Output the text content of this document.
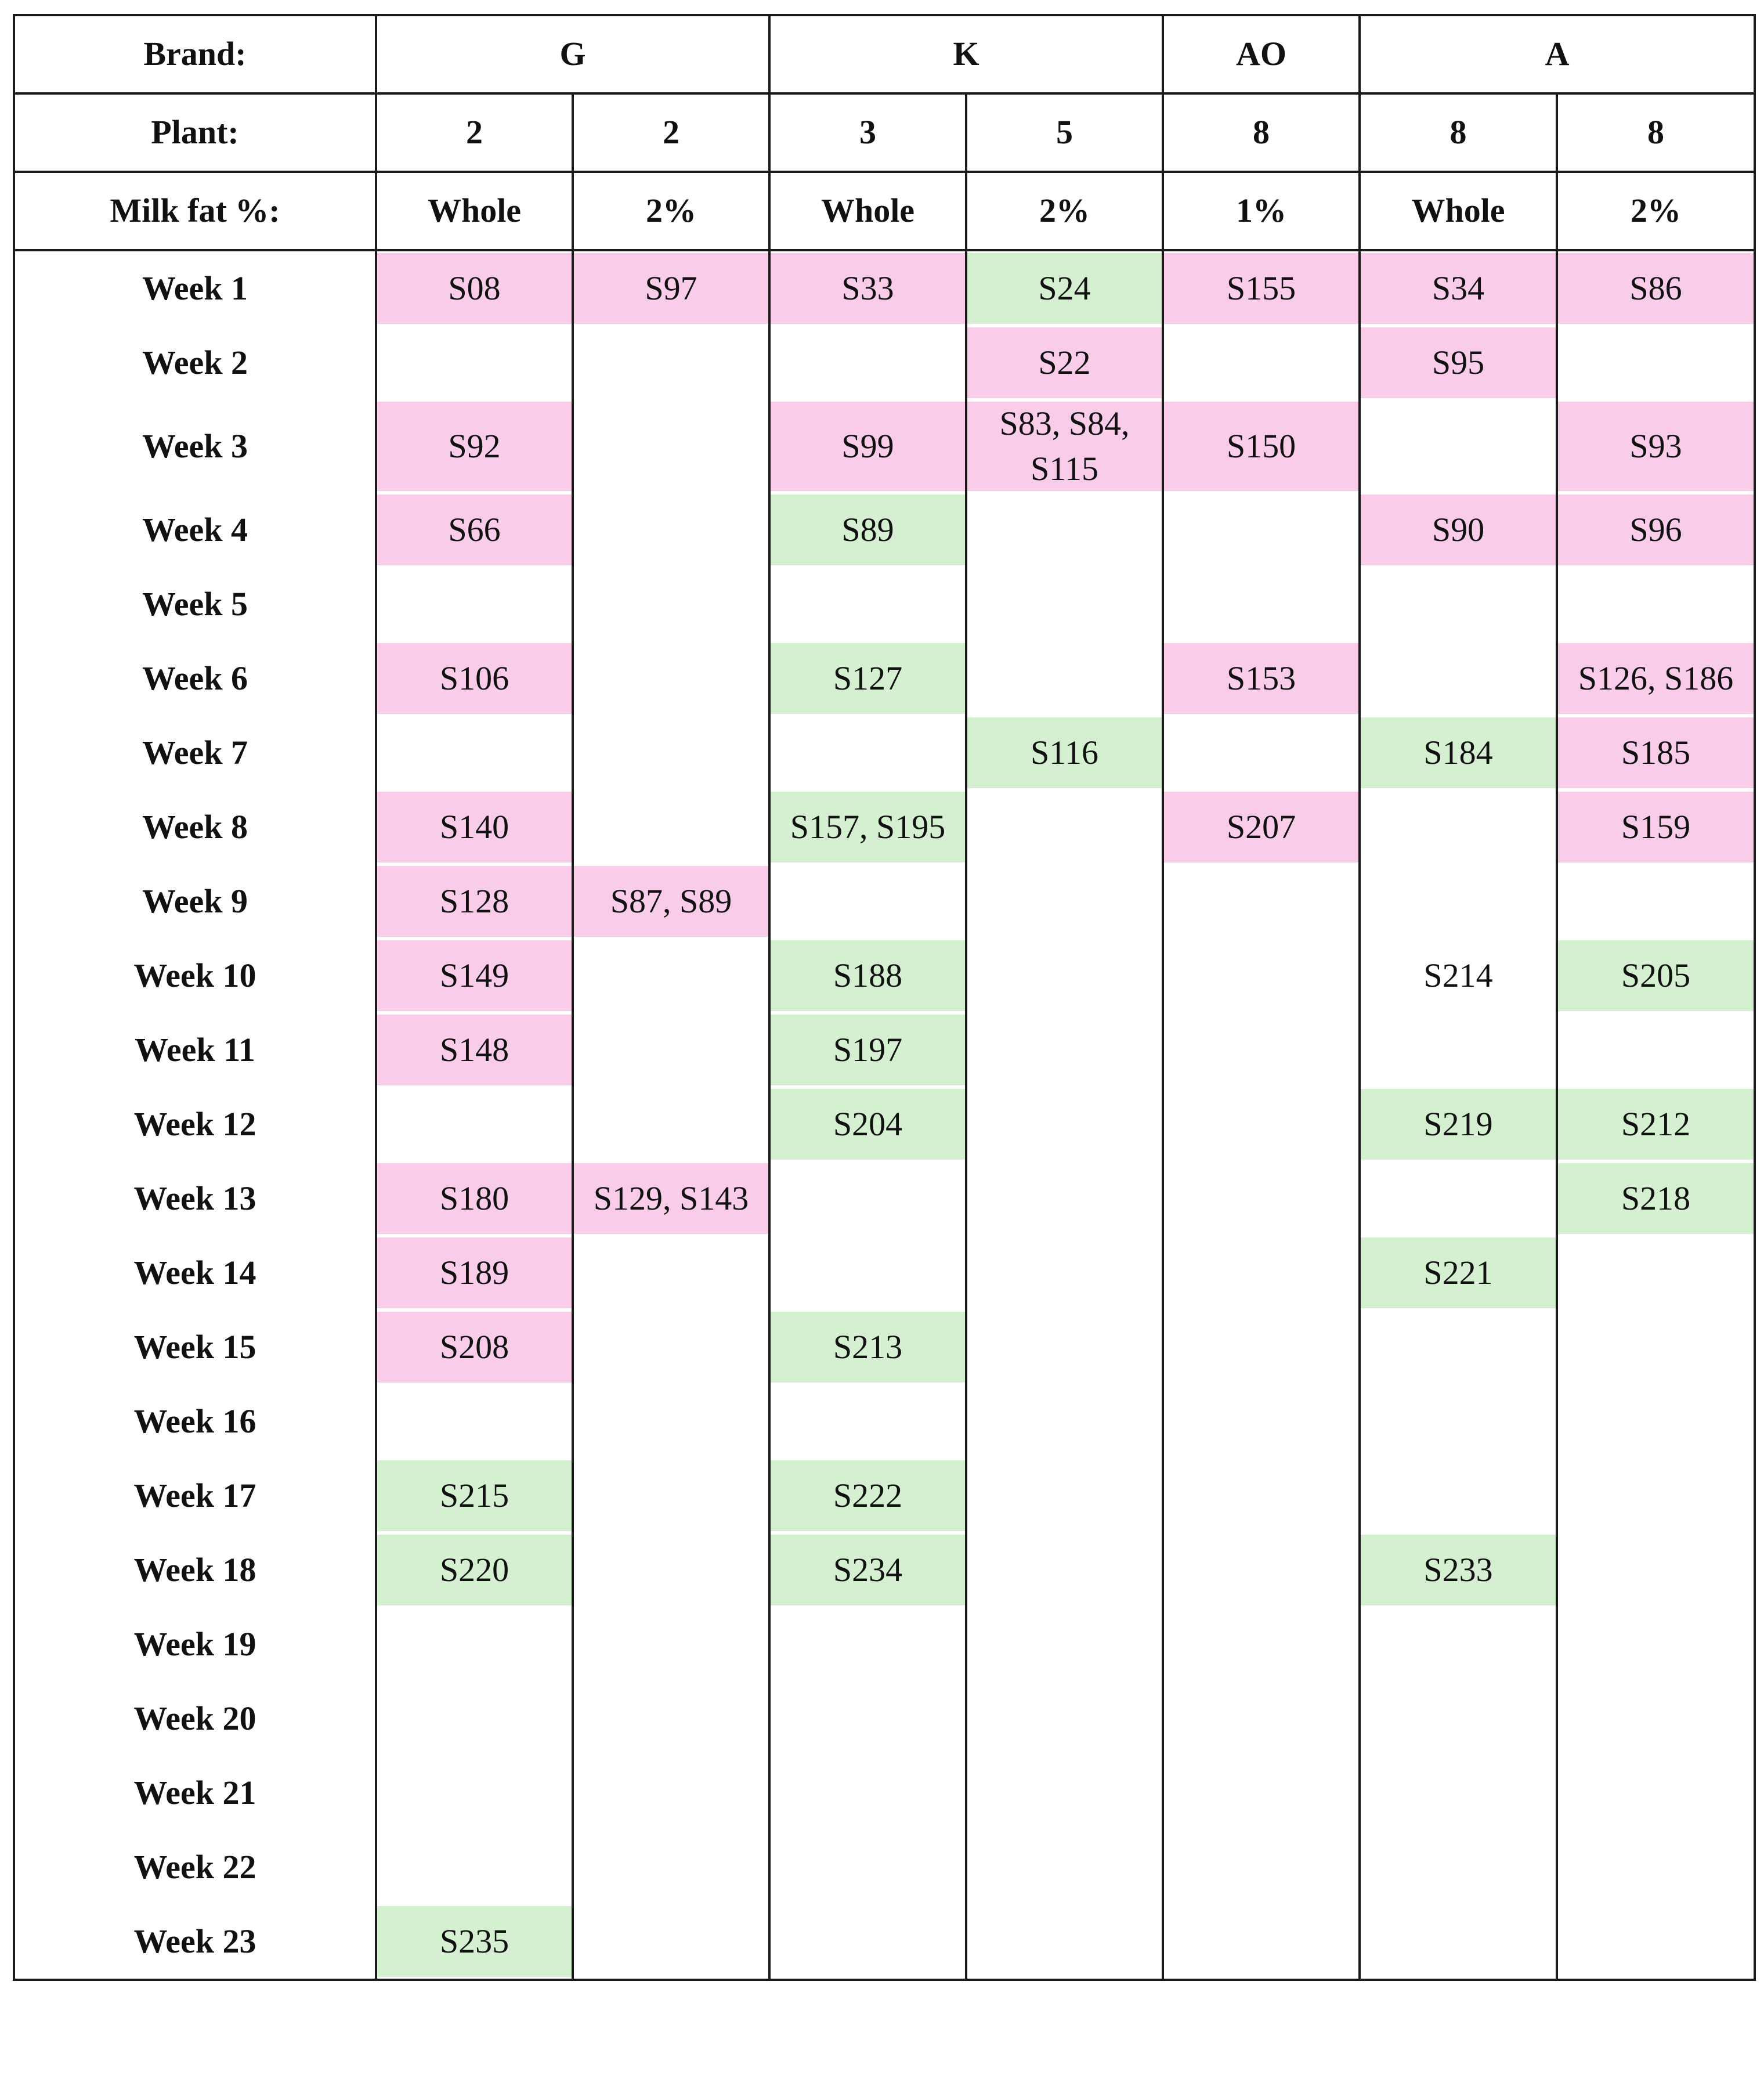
Brand:	G		K		AO	A	
Plant:	2	2	3	5	8	8	8
Milk fat %:	Whole	2%	Whole	2%	1%	Whole	2%
Week 1	S08	S97	S33	S24	S155	S34	S86
Week 2				S22		S95	
Week 3	S92		S99	S83, S84, S115	S150		S93
Week 4	S66		S89			S90	S96
Week 5							
Week 6	S106		S127		S153		S126, S186
Week 7				S116		S184	S185
Week 8	S140		S157, S195		S207		S159
Week 9	S128	S87, S89					
Week 10	S149		S188			S214	S205
Week 11	S148		S197				
Week 12			S204			S219	S212
Week 13	S180	S129, S143					S218
Week 14	S189					S221	
Week 15	S208		S213				
Week 16							
Week 17	S215		S222				
Week 18	S220		S234			S233	
Week 19							
Week 20							
Week 21							
Week 22							
Week 23	S235						
